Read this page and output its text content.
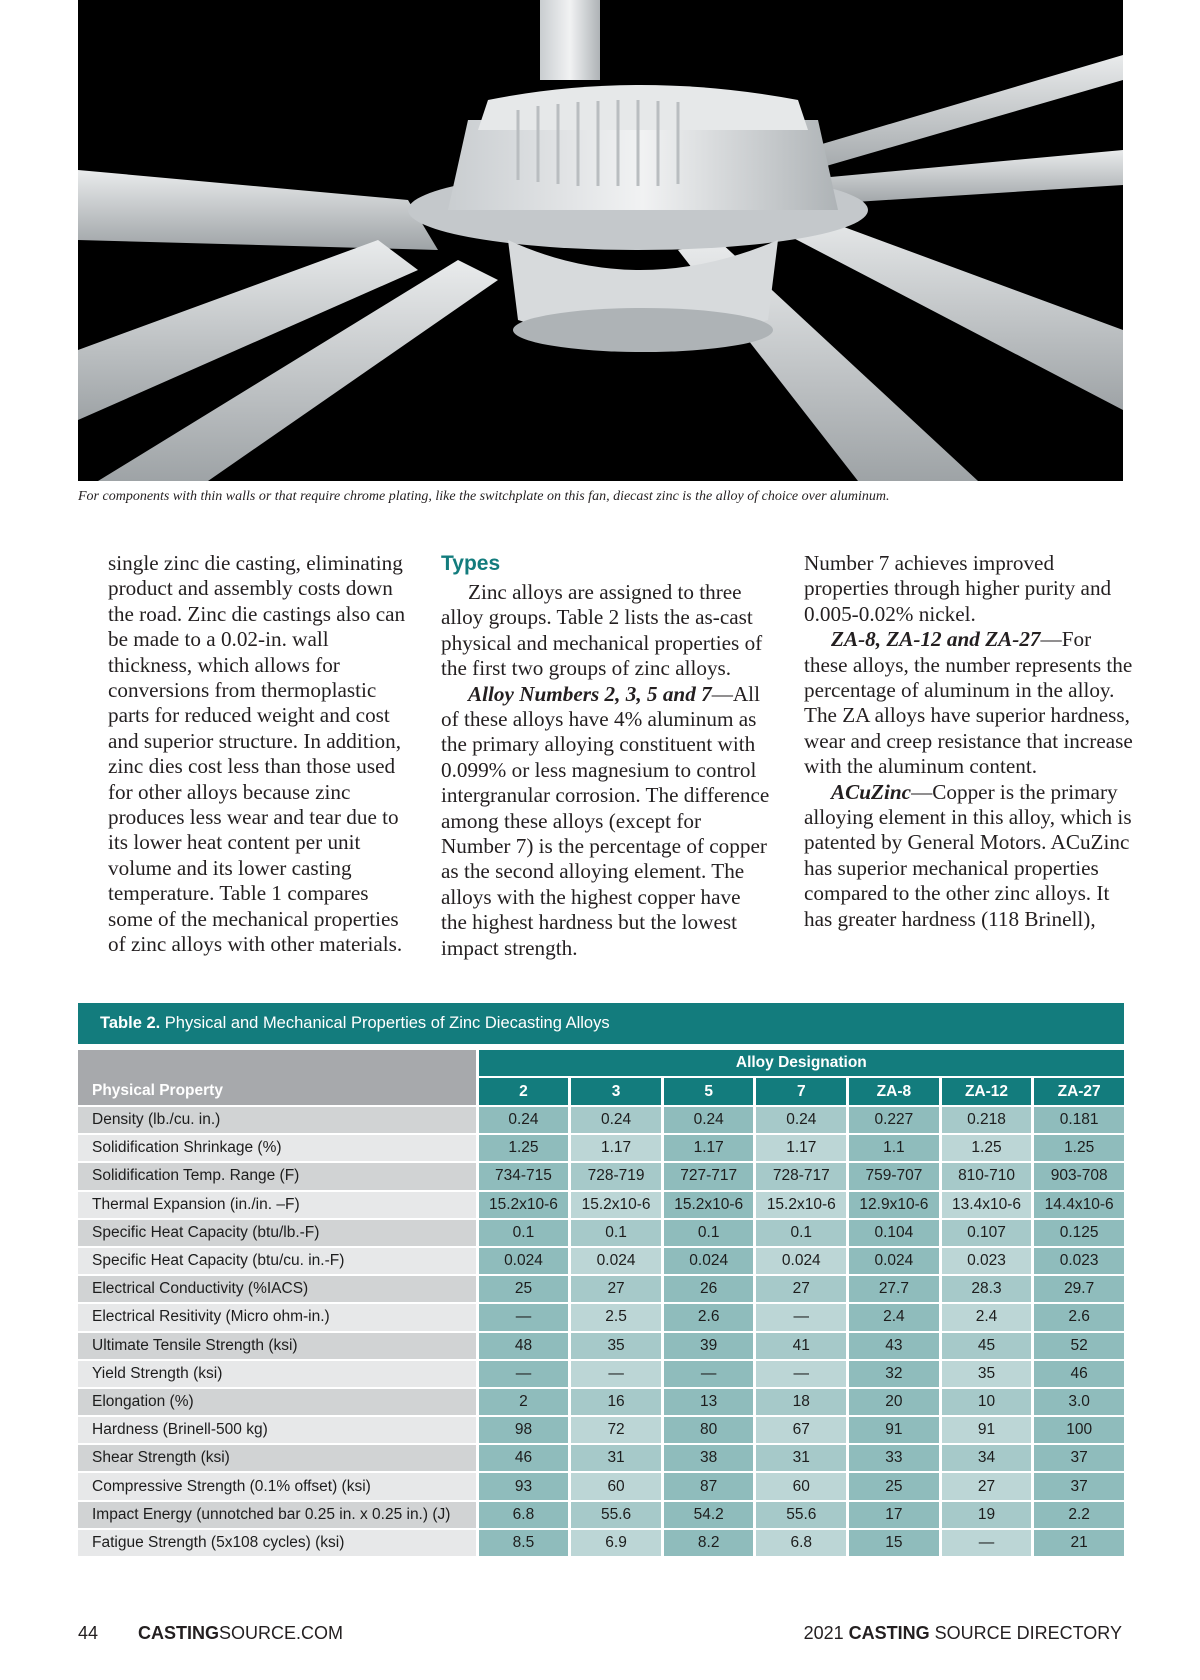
For components with thin walls or that require chrome plating, like the switchplate on this fan, diecast zinc is the alloy of choice over aluminum.

single zinc die casting, eliminating product and assembly costs down the road. Zinc die castings also can be made to a 0.02-in. wall thickness, which allows for conversions from thermoplastic parts for reduced weight and cost and superior structure. In addition, zinc dies cost less than those used for other alloys because zinc produces less wear and tear due to its lower heat content per unit volume and its lower casting temperature. Table 1 compares some of the mechanical properties of zinc alloys with other materials.

Types

Zinc alloys are assigned to three alloy groups. Table 2 lists the as-cast physical and mechanical properties of the first two groups of zinc alloys.

Alloy Numbers 2, 3, 5 and 7—All of these alloys have 4% aluminum as the primary alloying constituent with 0.099% or less magnesium to control intergranular corrosion. The difference among these alloys (except for Number 7) is the percentage of copper as the second alloying element. The alloys with the highest copper have the highest hardness but the lowest impact strength.

Number 7 achieves improved properties through higher purity and 0.005-0.02% nickel.

ZA-8, ZA-12 and ZA-27—For these alloys, the number represents the percentage of aluminum in the alloy. The ZA alloys have superior hardness, wear and creep resistance that increase with the aluminum content.

ACuZinc—Copper is the primary alloying element in this alloy, which is patented by General Motors. ACuZinc has superior mechanical properties compared to the other zinc alloys. It has greater hardness (118 Brinell),

Table 2. Physical and Mechanical Properties of Zinc Diecasting Alloys
Physical Property	Alloy Designation						
	2	3	5	7	ZA-8	ZA-12	ZA-27
Density (lb./cu. in.)	0.24	0.24	0.24	0.24	0.227	0.218	0.181
Solidification Shrinkage (%)	1.25	1.17	1.17	1.17	1.1	1.25	1.25
Solidification Temp. Range (F)	734-715	728-719	727-717	728-717	759-707	810-710	903-708
Thermal Expansion (in./in. –F)	15.2x10-6	15.2x10-6	15.2x10-6	15.2x10-6	12.9x10-6	13.4x10-6	14.4x10-6
Specific Heat Capacity (btu/lb.-F)	0.1	0.1	0.1	0.1	0.104	0.107	0.125
Specific Heat Capacity (btu/cu. in.-F)	0.024	0.024	0.024	0.024	0.024	0.023	0.023
Electrical Conductivity (%IACS)	25	27	26	27	27.7	28.3	29.7
Electrical Resitivity (Micro ohm-in.)	—	2.5	2.6	—	2.4	2.4	2.6
Ultimate Tensile Strength (ksi)	48	35	39	41	43	45	52
Yield Strength (ksi)	—	—	—	—	32	35	46
Elongation (%)	2	16	13	18	20	10	3.0
Hardness (Brinell-500 kg)	98	72	80	67	91	91	100
Shear Strength (ksi)	46	31	38	31	33	34	37
Compressive Strength (0.1% offset) (ksi)	93	60	87	60	25	27	37
Impact Energy (unnotched bar 0.25 in. x 0.25 in.) (J)	6.8	55.6	54.2	55.6	17	19	2.2
Fatigue Strength (5x108 cycles) (ksi)	8.5	6.9	8.2	6.8	15	—	21
44 CASTINGSOURCE.COM	2021 CASTING SOURCE DIRECTORY
